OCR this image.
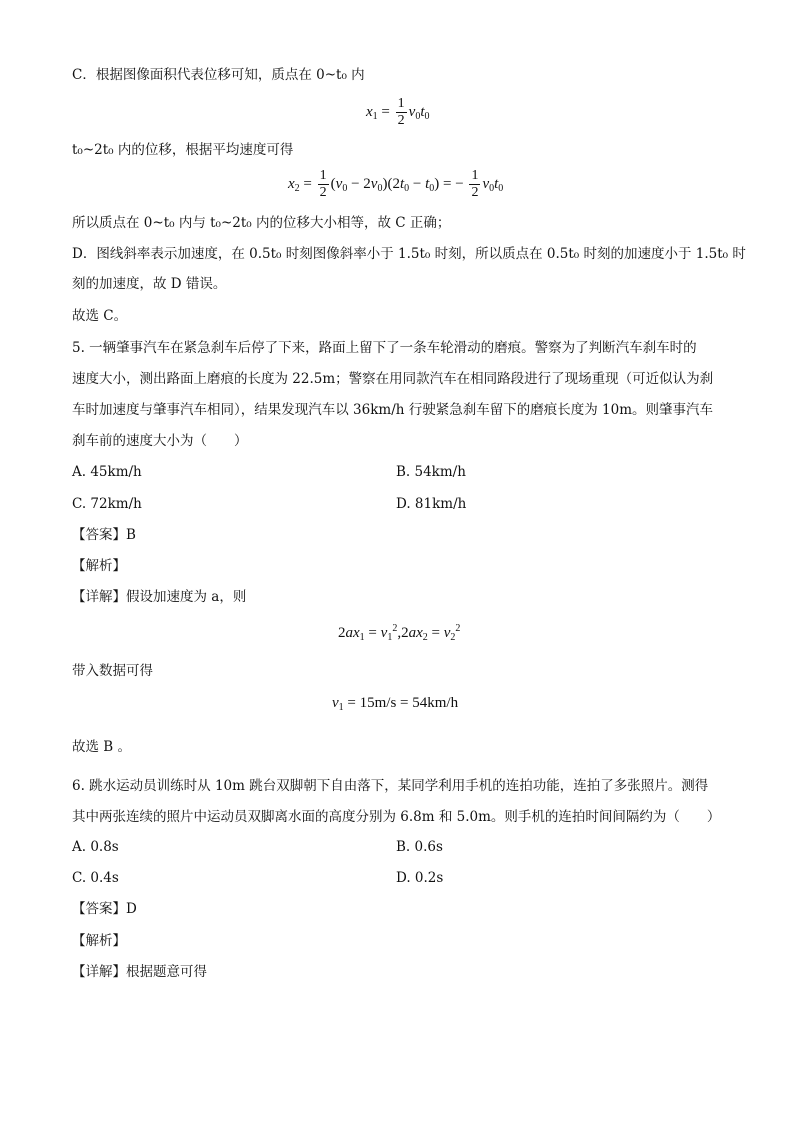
C．根据图像面积代表位移可知，质点在 0~t₀ 内
$x_1 = \frac{1}{2} v_0t_0$
t₀~2t₀ 内的位移，根据平均速度可得
$x_2 = \frac{1}{2} (v_0 - 2v_0)(2t_0 - t_0)$ = − $\frac{1}{2} v_0t_0$
所以质点在 0~t₀ 内与 t₀~2t₀ 内的位移大小相等，故 C 正确；
D．图线斜率表示加速度，在 0.5t₀ 时刻图像斜率小于 1.5t₀ 时刻，所以质点在 0.5t₀ 时刻的加速度小于 1.5t₀ 时
刻的加速度，故 D 错误。
故选 C。
5. 一辆肇事汽车在紧急刹车后停了下来，路面上留下了一条车轮滑动的磨痕。警察为了判断汽车刹车时的
速度大小，测出路面上磨痕的长度为 22.5m；警察在用同款汽车在相同路段进行了现场重现（可近似认为刹
车时加速度与肇事汽车相同），结果发现汽车以 36km/h 行驶紧急刹车留下的磨痕长度为 10m。则肇事汽车
刹车前的速度大小为（　　）
A. 45km/h	B. 54km/h
C. 72km/h	D. 81km/h
【答案】B
【解析】
【详解】假设加速度为 a，则
$2ax_1 = v_1^2,2ax_2 = v_2^2$
带入数据可得
$v_1 = 15m/s = 54km/h$
故选 B 。
6. 跳水运动员训练时从 10m 跳台双脚朝下自由落下，某同学利用手机的连拍功能，连拍了多张照片。测得
其中两张连续的照片中运动员双脚离水面的高度分别为 6.8m 和 5.0m。则手机的连拍时间间隔约为（　　）
A. 0.8s	B. 0.6s
C. 0.4s	D. 0.2s
【答案】D
【解析】
【详解】根据题意可得
